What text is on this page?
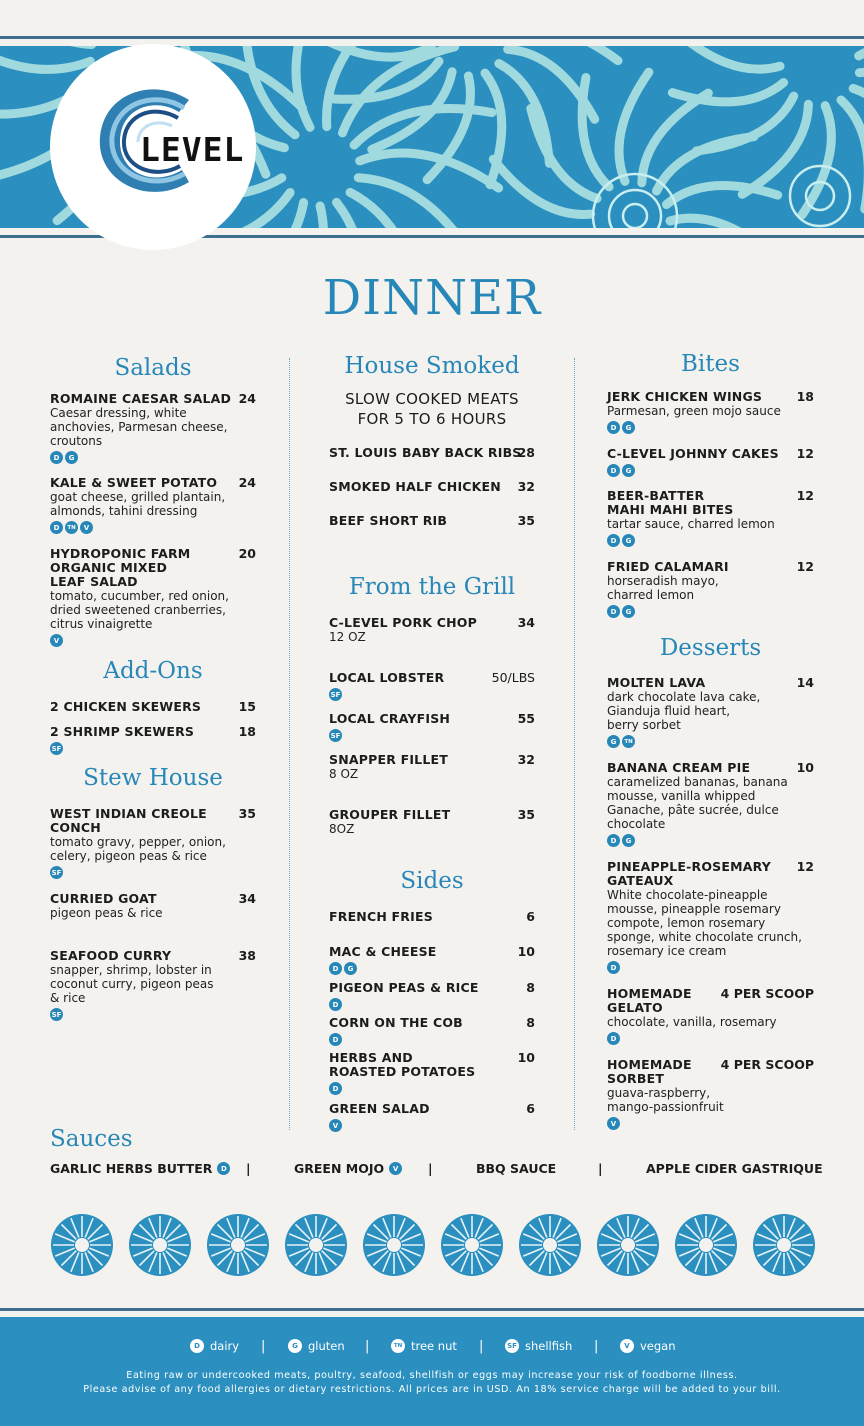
LEVEL
DINNER
Salads
ROMAINE CAESAR SALAD 24
Caesar dressing, white
anchovies, Parmesan cheese,
croutons
D	G
KALE & SWEET POTATO	24
goat cheese, grilled plantain,
almonds, tahini dressing
D	TN	V
HYDROPONIC FARM
ORGANIC MIXED
LEAF SALAD
20
tomato, cucumber, red onion,
dried sweetened cranberries,
citrus vinaigrette
V
Add-Ons
2 CHICKEN SKEWERS	15
2 SHRIMP SKEWERS	18
SF
Stew House
WEST INDIAN CREOLE
CONCH
35
tomato gravy, pepper, onion,
celery, pigeon peas & rice
SF
CURRIED GOAT	34
pigeon peas & rice
SEAFOOD CURRY	38
snapper, shrimp, lobster in
coconut curry, pigeon peas
& rice
SF
House Smoked
SLOW COOKED MEATS
FOR 5 TO 6 HOURS
ST. LOUIS BABY BACK RIBS
28
SMOKED HALF CHICKEN	32
BEEF SHORT RIB	35
From the Grill
C-LEVEL PORK CHOP	34
12 OZ
LOCAL LOBSTER	50/LBS
SF
LOCAL CRAYFISH	55
SF
SNAPPER FILLET	32
8 OZ
GROUPER FILLET	35
8OZ
Sides
FRENCH FRIES	6
MAC & CHEESE	10
D	G
PIGEON PEAS & RICE	8
D
CORN ON THE COB	8
D
HERBS AND
ROASTED POTATOES
10
D
GREEN SALAD	6
V
Bites
JERK CHICKEN WINGS	18
Parmesan, green mojo sauce
D	G
C-LEVEL JOHNNY CAKES	12
D	G
BEER-BATTER
MAHI MAHI BITES
12
tartar sauce, charred lemon
D	G
FRIED CALAMARI	12
horseradish mayo,
charred lemon
D	G
Desserts
MOLTEN LAVA	14
dark chocolate lava cake,
Gianduja fluid heart,
berry sorbet
G	TN
BANANA CREAM PIE	10
caramelized bananas, banana
mousse, vanilla whipped
Ganache, pâte sucrée, dulce
chocolate
D	G
PINEAPPLE-ROSEMARY
GATEAUX
12
White chocolate-pineapple
mousse, pineapple rosemary
compote, lemon rosemary
sponge, white chocolate crunch,
rosemary ice cream
D
HOMEMADE
GELATO
4 PER SCOOP
chocolate, vanilla, rosemary
D
HOMEMADE
SORBET
4 PER SCOOP
guava-raspberry,
mango-passionfruit
V
Sauces
GARLIC HERBS BUTTER	D |	GREEN MOJO	V	|	BBQ SAUCE	|	APPLE CIDER GASTRIQUE
D dairy |	G gluten |	TN tree nut |	SF shellfish |	V vegan
Eating raw or undercooked meats, poultry, seafood, shellfish or eggs may increase your risk of foodborne illness.
Please advise of any food allergies or dietary restrictions. All prices are in USD. An 18% service charge will be added to your bill.
